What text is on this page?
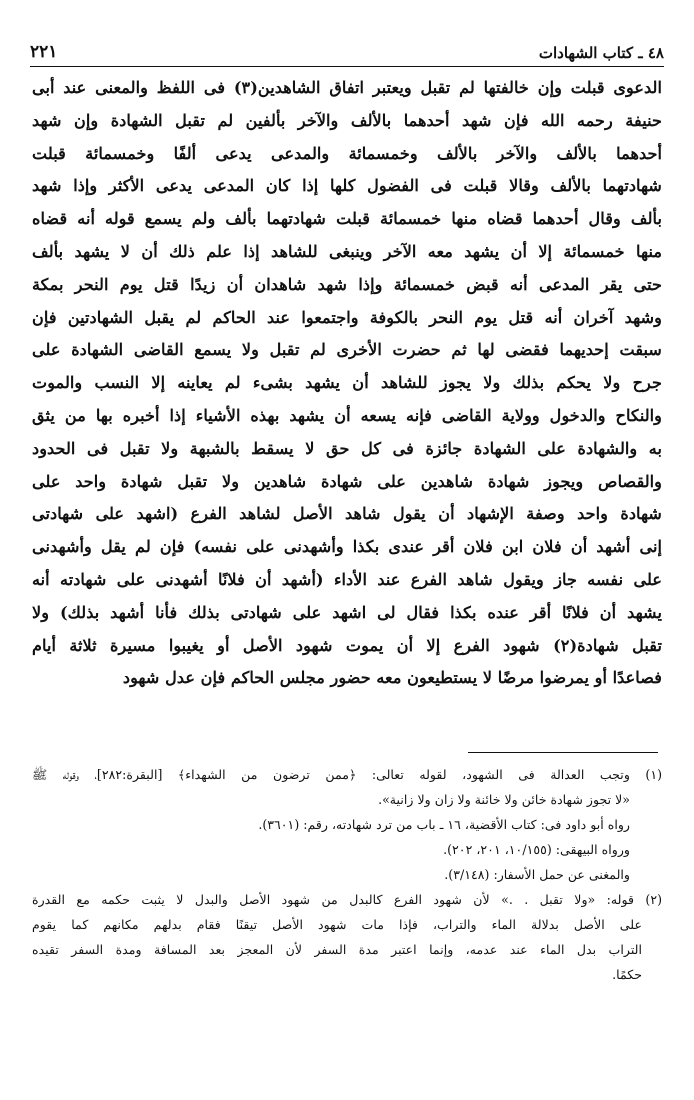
٤٨ ـ كتاب الشهادات
٢٢١
الدعوى قبلت وإن خالفتها لم تقبل ويعتبر اتفاق الشاهدين(٣) فى اللفظ والمعنى عند أبى
حنيفة رحمه الله فإن شهد أحدهما بالألف والآخر بألفين لم تقبل الشهادة وإن شهد
أحدهما بالألف والآخر بالألف وخمسمائة والمدعى يدعى ألفًا وخمسمائة قبلت
شهادتهما بالألف وقالا قبلت فى الفضول كلها إذا كان المدعى يدعى الأكثر وإذا شهد
بألف وقال أحدهما قضاه منها خمسمائة قبلت شهادتهما بألف ولم يسمع قوله أنه قضاه
منها خمسمائة إلا أن يشهد معه الآخر وينبغى للشاهد إذا علم ذلك أن لا يشهد بألف
حتى يقر المدعى أنه قبض خمسمائة وإذا شهد شاهدان أن زيدًا قتل يوم النحر بمكة
وشهد آخران أنه قتل يوم النحر بالكوفة واجتمعوا عند الحاكم لم يقبل الشهادتين فإن
سبقت إحديهما فقضى لها ثم حضرت الأخرى لم تقبل ولا يسمع القاضى الشهادة على
جرح ولا يحكم بذلك ولا يجوز للشاهد أن يشهد بشىء لم يعاينه إلا النسب والموت
والنكاح والدخول وولاية القاضى فإنه يسعه أن يشهد بهذه الأشياء إذا أخبره بها من يثق
به والشهادة على الشهادة جائزة فى كل حق لا يسقط بالشبهة ولا تقبل فى الحدود
والقصاص ويجوز شهادة شاهدين على شهادة شاهدين ولا تقبل شهادة واحد على
شهادة واحد وصفة الإشهاد أن يقول شاهد الأصل لشاهد الفرع (اشهد على شهادتى
إنى أشهد أن فلان ابن فلان أقر عندى بكذا وأشهدنى على نفسه) فإن لم يقل وأشهدنى
على نفسه جاز ويقول شاهد الفرع عند الأداء (أشهد أن فلانًا أشهدنى على شهادته أنه
يشهد أن فلانًا أقر عنده بكذا فقال لى اشهد على شهادتى بذلك فأنا أشهد بذلك) ولا
تقبل شهادة(٢) شهود الفرع إلا أن يموت شهود الأصل أو يغيبوا مسيرة ثلاثة أيام
فصاعدًا أو يمرضوا مرضًا لا يستطيعون معه حضور مجلس الحاكم فإن عدل شهود
(١) وتجب العدالة فى الشهود، لقوله تعالى: ﴿ممن ترضون من الشهداء﴾ [البقرة:٢٨٢]، وقوله ﷺ
«لا تجوز شهادة خائن ولا خائنة ولا زان ولا زانية».
رواه أبو داود فى: كتاب الأقضية، ١٦ ـ باب من ترد شهادته، رقم: (٣٦٠١).
ورواه البيهقى: (١٠/١٥٥، ٢٠١، ٢٠٢).
والمغنى عن حمل الأسفار: (٣/١٤٨).
(٢) قوله: «ولا تقبل . .» لأن شهود الفرع كالبدل من شهود الأصل والبدل لا يثبت حكمه مع القدرة
على الأصل بدلالة الماء والتراب، فإذا مات شهود الأصل تيقنًا فقام بدلهم مكانهم كما يقوم
التراب بدل الماء عند عدمه، وإنما اعتبر مدة السفر لأن المعجز بعد المسافة ومدة السفر تقيده
حكمًا.
